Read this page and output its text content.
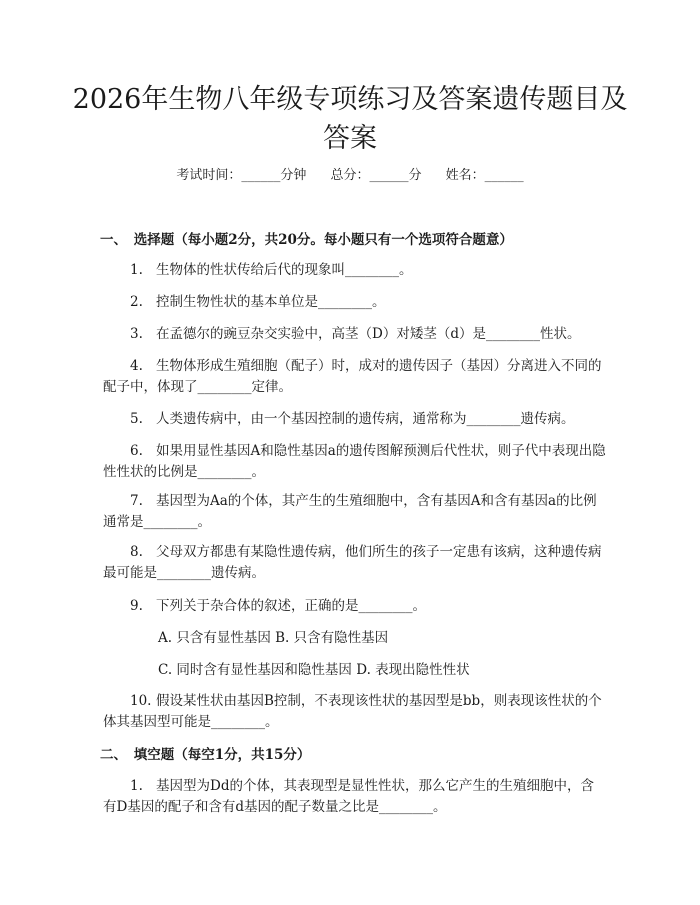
2026年生物八年级专项练习及答案遗传题目及答案
考试时间：______分钟 总分：______分 姓名：______
一、　选择题（每小题2分，共20分。每小题只有一个选项符合题意）
1. 生物体的性状传给后代的现象叫________。
2. 控制生物性状的基本单位是________。
3. 在孟德尔的豌豆杂交实验中，高茎（D）对矮茎（d）是________性状。
4. 生物体形成生殖细胞（配子）时，成对的遗传因子（基因）分离进入不同的配子中，体现了________定律。
5. 人类遗传病中，由一个基因控制的遗传病，通常称为________遗传病。
6. 如果用显性基因A和隐性基因a的遗传图解预测后代性状，则子代中表现出隐性性状的比例是________。
7. 基因型为Aa的个体，其产生的生殖细胞中，含有基因A和含有基因a的比例通常是________。
8. 父母双方都患有某隐性遗传病，他们所生的孩子一定患有该病，这种遗传病最可能是________遗传病。
9. 下列关于杂合体的叙述，正确的是________。
A. 只含有显性基因 B. 只含有隐性基因
C. 同时含有显性基因和隐性基因 D. 表现出隐性性状
10. 假设某性状由基因B控制，不表现该性状的基因型是bb，则表现该性状的个体其基因型可能是________。
二、　填空题（每空1分，共15分）
1. 基因型为Dd的个体，其表现型是显性性状，那么它产生的生殖细胞中，含有D基因的配子和含有d基因的配子数量之比是________。
